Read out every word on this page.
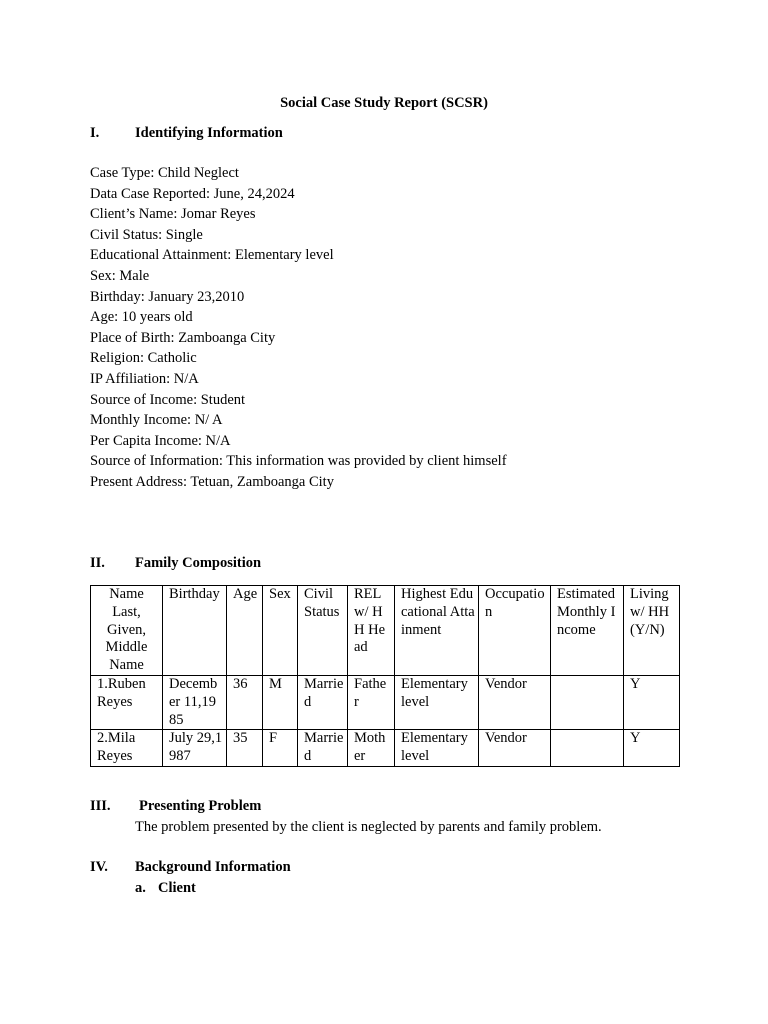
Social Case Study Report (SCSR)
I. Identifying Information
Case Type: Child Neglect
Data Case Reported: June, 24,2024
Client’s Name: Jomar Reyes
Civil Status: Single
Educational Attainment: Elementary level
Sex: Male
Birthday: January 23,2010
Age: 10 years old
Place of Birth: Zamboanga City
Religion: Catholic
IP Affiliation: N/A
Source of Income: Student
Monthly Income: N/ A
Per Capita Income: N/A
Source of Information: This information was provided by client himself
Present Address: Tetuan, Zamboanga City
II. Family Composition
Name Last, Given, Middle Name	Birthday	Age	Sex	Civil Status	REL w/ HH Head	Highest Educational Attainment	Occupation	Estimated Monthly Income	Living w/ HH (Y/N)
1.Ruben Reyes	December 11,1985	36	M	Married	Father	Elementary level	Vendor		Y
2.Mila Reyes	July 29,1987	35	F	Married	Mother	Elementary level	Vendor		Y
III. Presenting Problem
The problem presented by the client is neglected by parents and family problem.
IV. Background Information
a. Client
